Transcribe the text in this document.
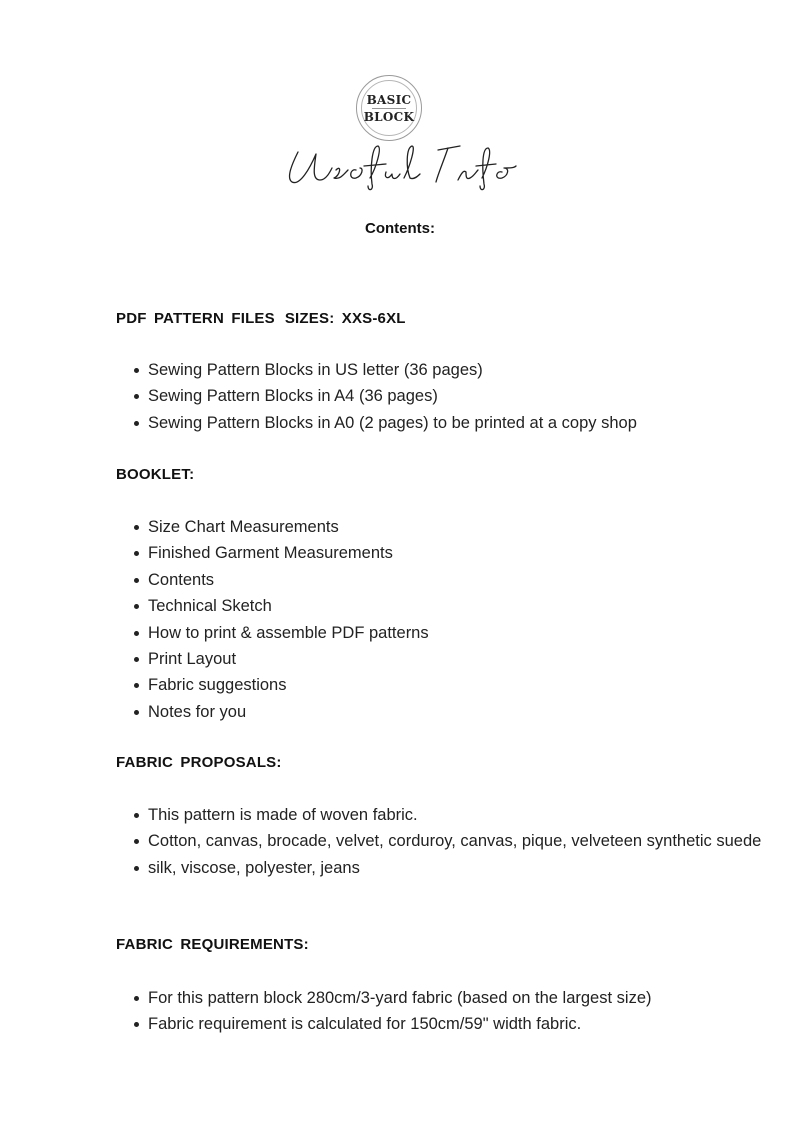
BASIC
BLOCK
Contents:
PDF PATTERN FILES SIZES: XXS-6XL
Sewing Pattern Blocks in US letter (36 pages)
Sewing Pattern Blocks in A4 (36 pages)
Sewing Pattern Blocks in A0 (2 pages) to be printed at a copy shop
BOOKLET:
Size Chart Measurements
Finished Garment Measurements
Contents
Technical Sketch
How to print & assemble PDF patterns
Print Layout
Fabric suggestions
Notes for you
FABRIC PROPOSALS:
This pattern is made of woven fabric.
Cotton, canvas, brocade, velvet, corduroy, canvas, pique, velveteen synthetic suede
silk, viscose, polyester, jeans
FABRIC REQUIREMENTS:
For this pattern block 280cm/3-yard fabric (based on the largest size)
Fabric requirement is calculated for 150cm/59" width fabric.
